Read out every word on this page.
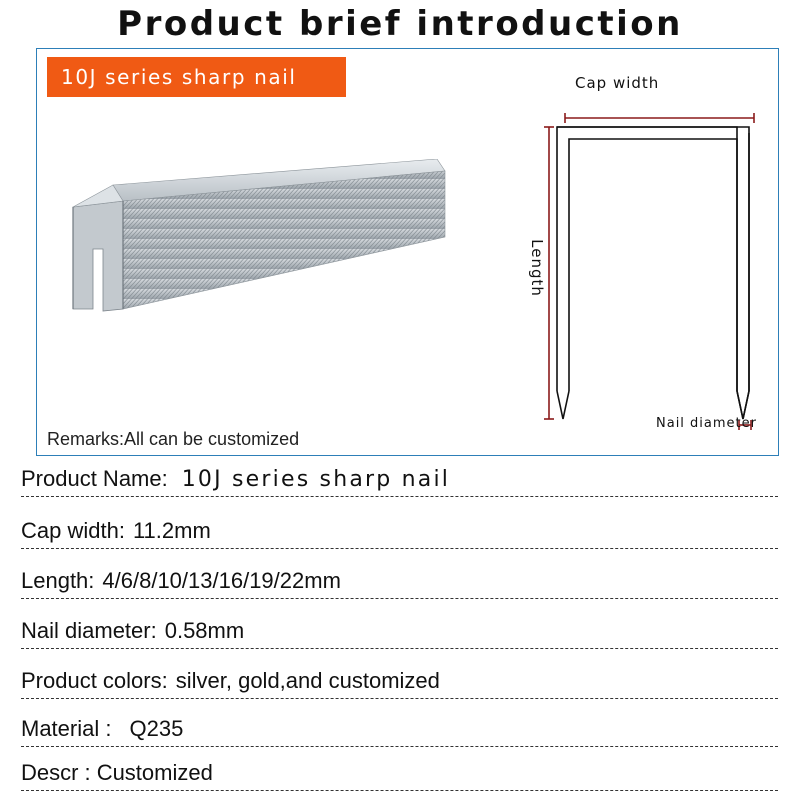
Product brief introduction
10J series sharp nail	Cap width
Length
Nail diameter
Remarks:All can be customized
Product Name: 10J series sharp nail
Cap width: 11.2mm
Length: 4/6/8/10/13/16/19/22mm
Nail diameter: 0.58mm
Product colors: silver, gold,and customized
Material : Q235
Descr : Customized
